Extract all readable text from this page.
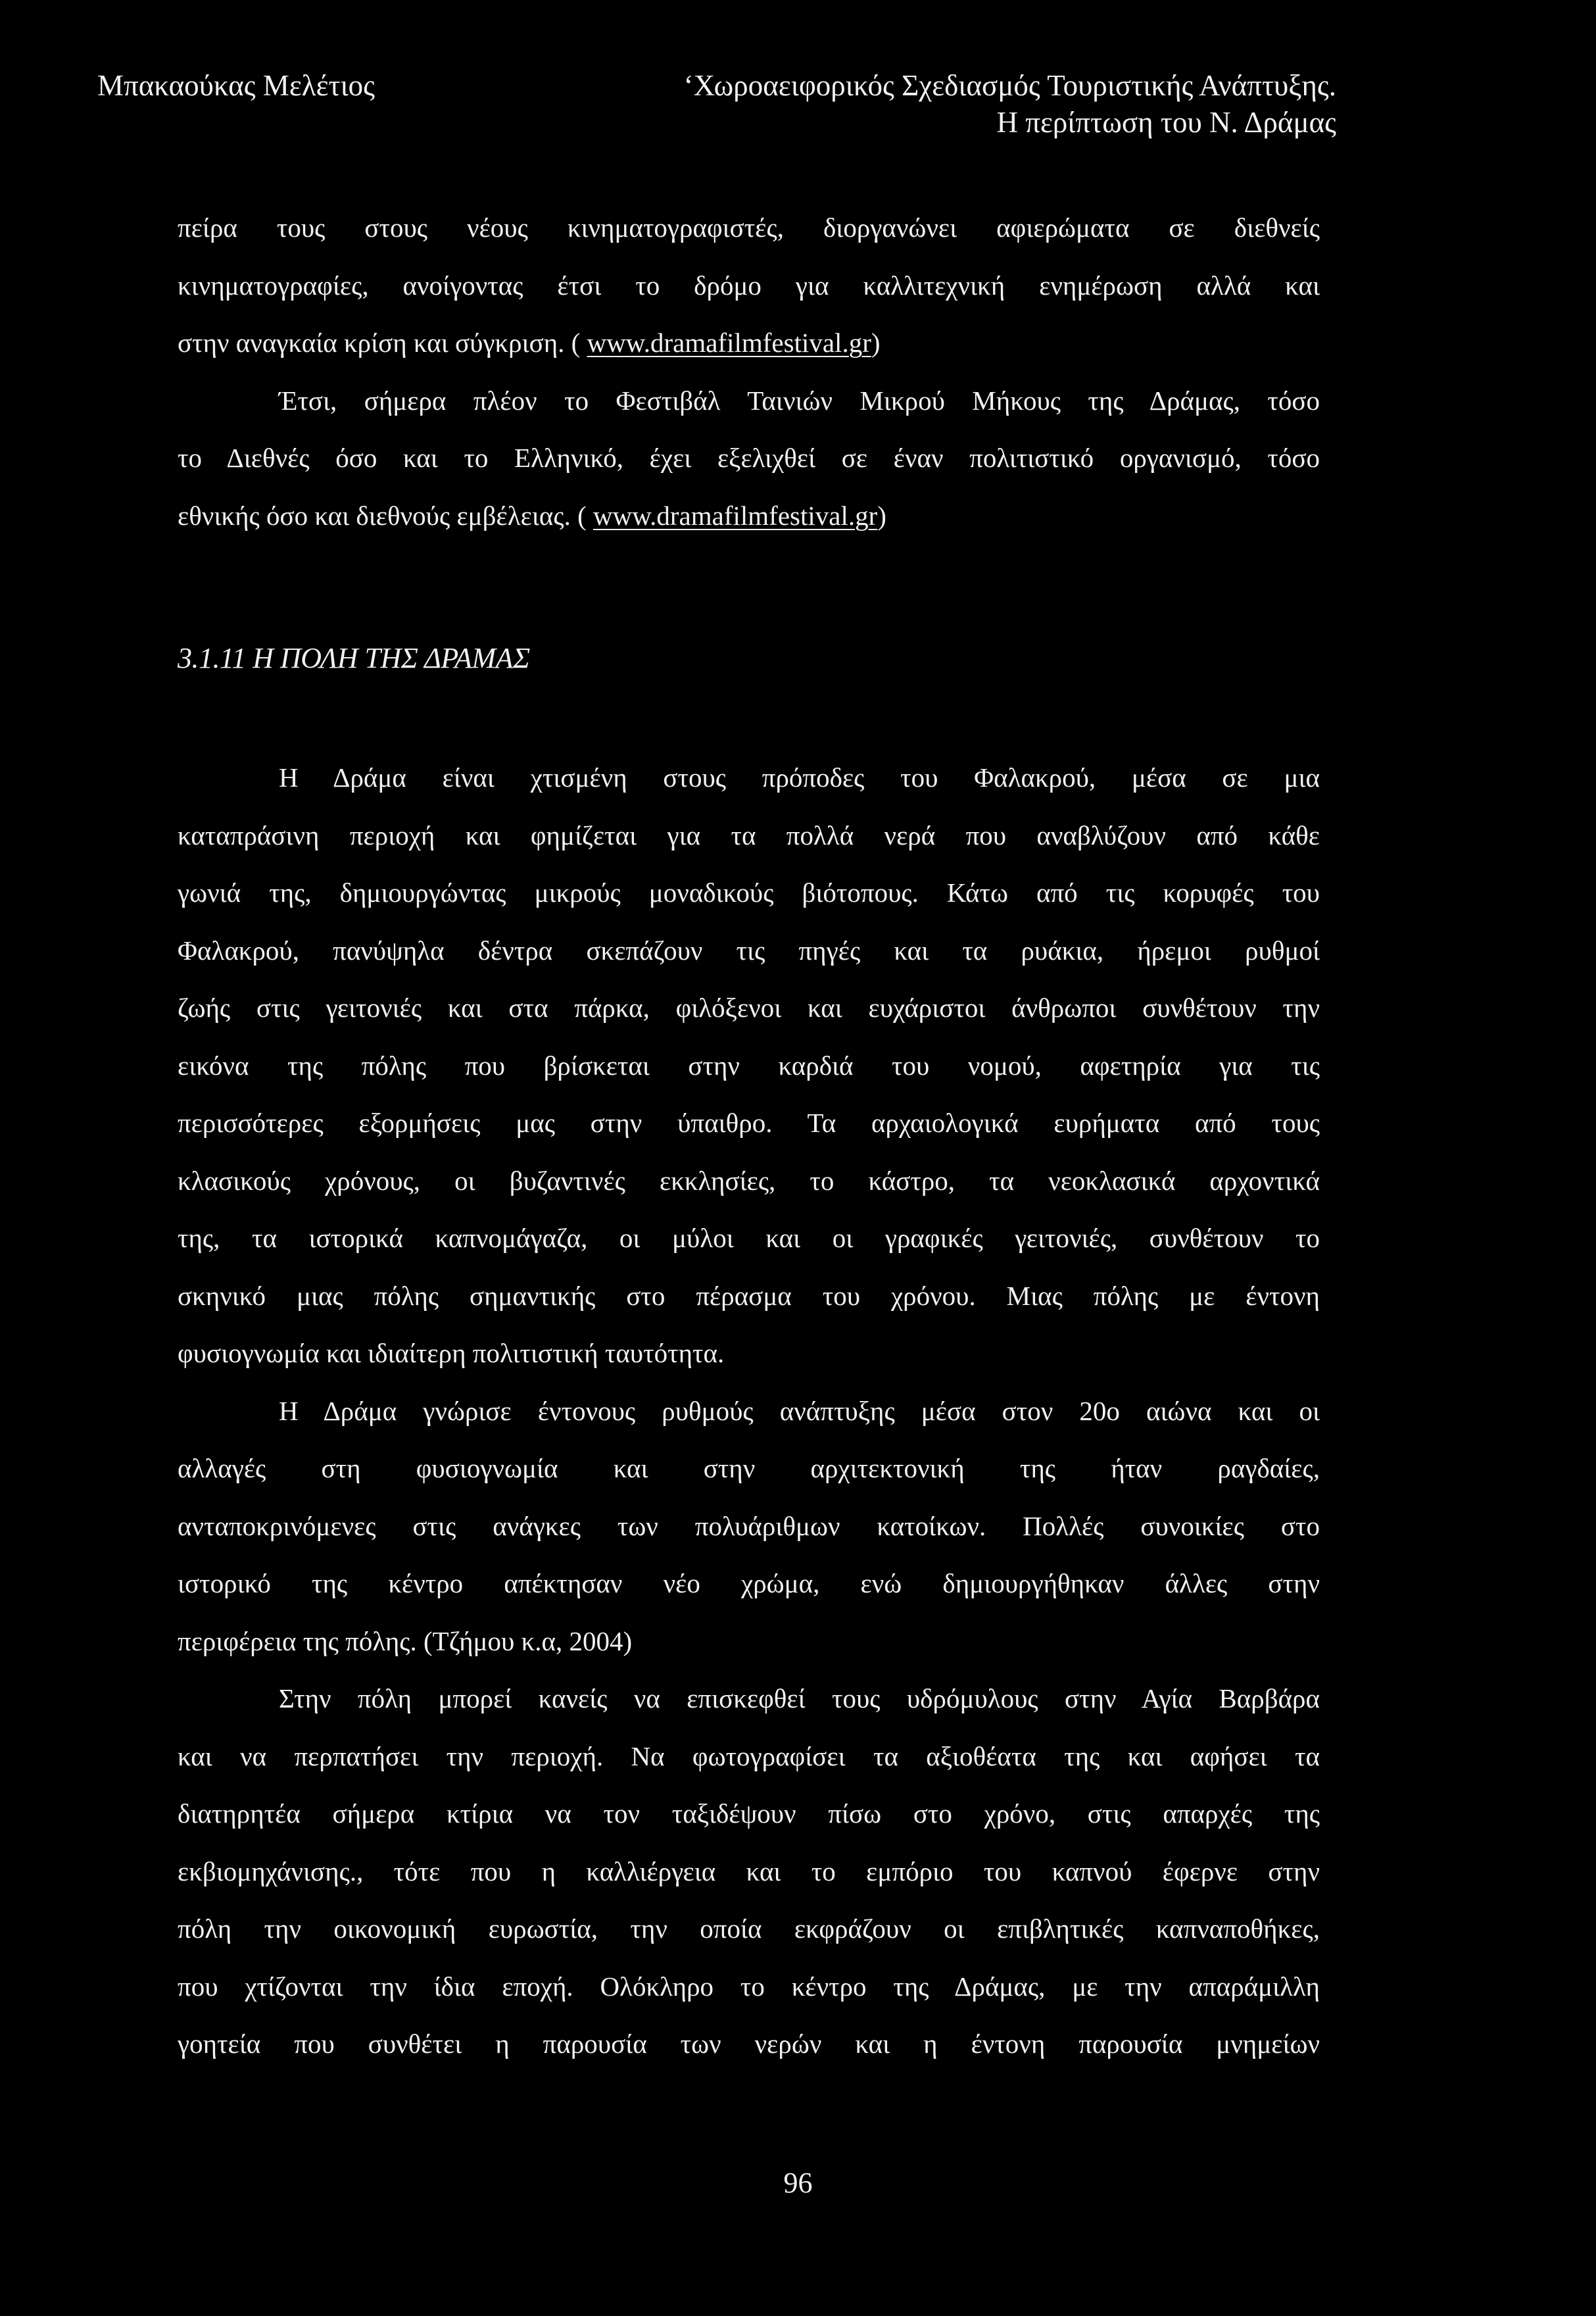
Μπακαούκας Μελέτιος	‘Χωροαειφορικός Σχεδιασμός Τουριστικής Ανάπτυξης.
Η περίπτωση του Ν. Δράμας

πείρα τους στους νέους κινηματογραφιστές, διοργανώνει αφιερώματα σε διεθνείς
κινηματογραφίες, ανοίγοντας έτσι το δρόμο για καλλιτεχνική ενημέρωση αλλά και
στην αναγκαία κρίση και σύγκριση. ( www.dramafilmfestival.gr)

Έτσι, σήμερα πλέον το Φεστιβάλ Ταινιών Μικρού Μήκους της Δράμας, τόσο
το Διεθνές όσο και το Ελληνικό, έχει εξελιχθεί σε έναν πολιτιστικό οργανισμό, τόσο
εθνικής όσο και διεθνούς εμβέλειας. ( www.dramafilmfestival.gr)

3.1.11 Η ΠΟΛΗ ΤΗΣ ΔΡΑΜΑΣ

Η Δράμα είναι χτισμένη στους πρόποδες του Φαλακρού, μέσα σε μια
καταπράσινη περιοχή και φημίζεται για τα πολλά νερά που αναβλύζουν από κάθε
γωνιά της, δημιουργώντας μικρούς μοναδικούς βιότοπους. Κάτω από τις κορυφές του
Φαλακρού, πανύψηλα δέντρα σκεπάζουν τις πηγές και τα ρυάκια, ήρεμοι ρυθμοί
ζωής στις γειτονιές και στα πάρκα, φιλόξενοι και ευχάριστοι άνθρωποι συνθέτουν την
εικόνα της πόλης που βρίσκεται στην καρδιά του νομού, αφετηρία για τις
περισσότερες εξορμήσεις μας στην ύπαιθρο. Τα αρχαιολογικά ευρήματα από τους
κλασικούς χρόνους, οι βυζαντινές εκκλησίες, το κάστρο, τα νεοκλασικά αρχοντικά
της, τα ιστορικά καπνομάγαζα, οι μύλοι και οι γραφικές γειτονιές, συνθέτουν το
σκηνικό μιας πόλης σημαντικής στο πέρασμα του χρόνου. Μιας πόλης με έντονη
φυσιογνωμία και ιδιαίτερη πολιτιστική ταυτότητα.

Η Δράμα γνώρισε έντονους ρυθμούς ανάπτυξης μέσα στον 20ο αιώνα και οι
αλλαγές στη φυσιογνωμία και στην αρχιτεκτονική της ήταν ραγδαίες,
ανταποκρινόμενες στις ανάγκες των πολυάριθμων κατοίκων. Πολλές συνοικίες στο
ιστορικό της κέντρο απέκτησαν νέο χρώμα, ενώ δημιουργήθηκαν άλλες στην
περιφέρεια της πόλης. (Τζήμου κ.α, 2004)

Στην πόλη μπορεί κανείς να επισκεφθεί τους υδρόμυλους στην Αγία Βαρβάρα
και να περπατήσει την περιοχή. Να φωτογραφίσει τα αξιοθέατα της και αφήσει τα
διατηρητέα σήμερα κτίρια να τον ταξιδέψουν πίσω στο χρόνο, στις απαρχές της
εκβιομηχάνισης., τότε που η καλλιέργεια και το εμπόριο του καπνού έφερνε στην
πόλη την οικονομική ευρωστία, την οποία εκφράζουν οι επιβλητικές καπναποθήκες,
που χτίζονται την ίδια εποχή. Ολόκληρο το κέντρο της Δράμας, με την απαράμιλλη
γοητεία που συνθέτει η παρουσία των νερών και η έντονη παρουσία μνημείων

96
